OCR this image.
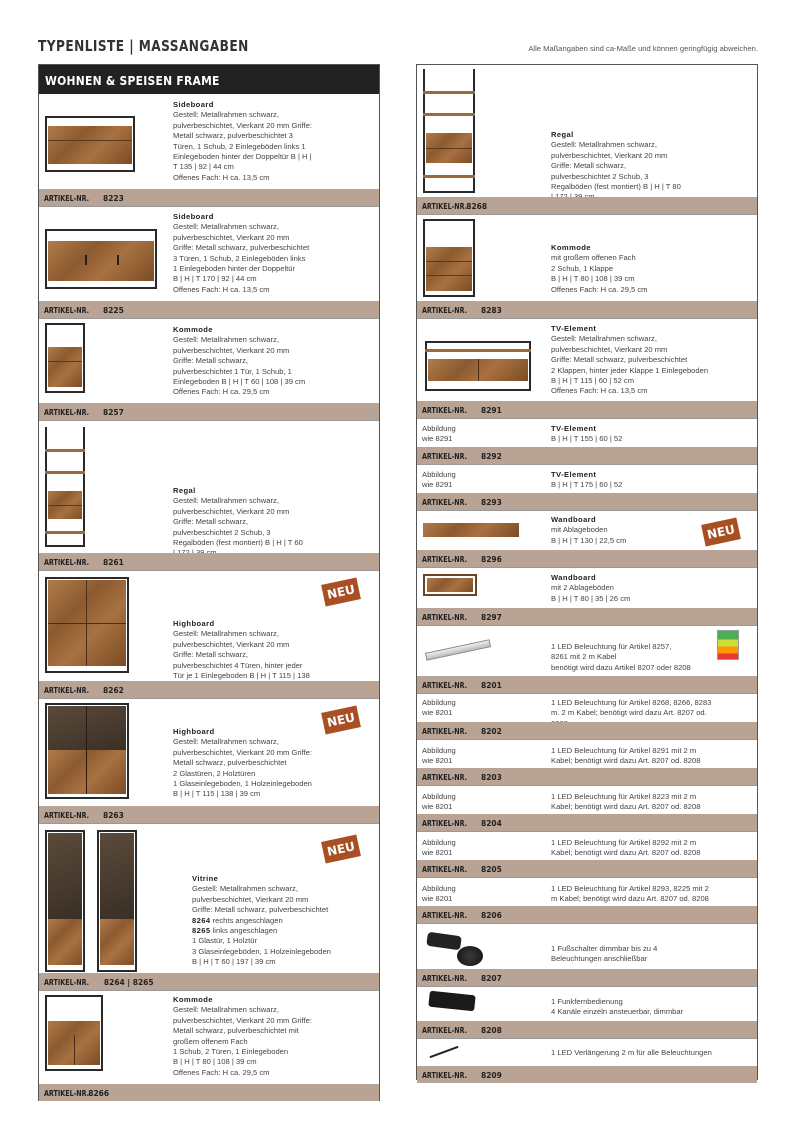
TYPENLISTE | MASSANGABEN	Alle Maßangaben sind ca-Maße und können geringfügig abweichen.
WOHNEN & SPEISEN FRAME
Sideboard
Gestell: Metallrahmen schwarz,
pulverbeschichtet, Vierkant 20 mm Griffe:
Metall schwarz, pulverbeschichtet 3
Türen, 1 Schub, 2 Einlegeböden links 1
Einlegeboden hinter der Doppeltür B | H |
T 135 | 92 | 44 cm
Offenes Fach: H ca. 13,5 cm
ARTIKEL-NR. 8223
Sideboard
Gestell: Metallrahmen schwarz,
pulverbeschichtet, Vierkant 20 mm
Griffe: Metall schwarz, pulverbeschichtet
3 Türen, 1 Schub, 2 Einlegeböden links
1 Einlegeboden hinter der Doppeltür
B | H | T 170 | 92 | 44 cm
Offenes Fach: H ca. 13,5 cm
ARTIKEL-NR. 8225
Kommode
Gestell: Metallrahmen schwarz,
pulverbeschichtet, Vierkant 20 mm
Griffe: Metall schwarz,
pulverbeschichtet 1 Tür, 1 Schub, 1
Einlegeboden B | H | T 60 | 108 | 39 cm
Offenes Fach: H ca. 29,5 cm
ARTIKEL-NR. 8257
Regal
Gestell: Metallrahmen schwarz,
pulverbeschichtet, Vierkant 20 mm
Griffe: Metall schwarz,
pulverbeschichtet 2 Schub, 3
Regalböden (fest montiert) B | H | T 60
ARTIKEL-NR. 8261
NEU
Highboard
Gestell: Metallrahmen schwarz,
pulverbeschichtet, Vierkant 20 mm
Griffe: Metall schwarz,
pulverbeschichtet 4 Türen, hinter jeder
Tür je 1 Einlegeboden B | H | T 115 | 138
ARTIKEL-NR. 8262
NEU
Highboard
Gestell: Metallrahmen schwarz,
pulverbeschichtet, Vierkant 20 mm Griffe:
Metall schwarz, pulverbeschichtet
2 Glastüren, 2 Holztüren
1 Glaseinlegeboden, 1 Holzeinlegeboden
B | H | T 115 | 138 | 39 cm
ARTIKEL-NR. 8263
NEU
Vitrine
Gestell: Metallrahmen schwarz,
pulverbeschichtet, Vierkant 20 mm
Griffe: Metall schwarz, pulverbeschichtet
8264 rechts angeschlagen
8265 links angeschlagen
1 Glastür, 1 Holztür
3 Glaseinlegeböden, 1 Holzeinlegeboden
B | H | T 60 | 197 | 39 cm
ARTIKEL-NR.	8264 | 8265
Kommode
Gestell: Metallrahmen schwarz,
pulverbeschichtet, Vierkant 20 mm Griffe:
Metall schwarz, pulverbeschichtet mit
großem offenem Fach
1 Schub, 2 Türen, 1 Einlegeboden
B | H | T 80 | 108 | 39 cm
Offenes Fach: H ca. 29,5 cm
ARTIKEL-NR. 8266
Regal
Gestell: Metallrahmen schwarz,
pulverbeschichtet, Vierkant 20 mm
Griffe: Metall schwarz,
pulverbeschichtet 2 Schub, 3
Regalböden (fest montiert) B | H | T 80
ARTIKEL-NR. 8268
Kommode
mit großem offenen Fach
2 Schub, 1 Klappe
B | H | T 80 | 108 | 39 cm
Offenes Fach: H ca. 29,5 cm
ARTIKEL-NR. 8283
TV-Element
Gestell: Metallrahmen schwarz,
pulverbeschichtet, Vierkant 20 mm
Griffe: Metall schwarz, pulverbeschichtet
2 Klappen, hinter jeder Klappe 1 Einlegeboden
B | H | T 115 | 60 | 52 cm
Offenes Fach: H ca. 13,5 cm
ARTIKEL-NR. 8291
Abbildung
wie 8291
TV-Element
B | H | T 155 | 60 | 52
ARTIKEL-NR. 8292
Abbildung
wie 8291
TV-Element
B | H | T 175 | 60 | 52
ARTIKEL-NR. 8293
NEU
Wandboard
mit Ablageboden
B | H | T 130 | 22,5 cm
ARTIKEL-NR. 8296
Wandboard
mit 2 Ablageböden
B | H | T 80 | 35 | 26 cm
ARTIKEL-NR. 8297
1 LED Beleuchtung für Artikel 8257,
8261 mit 2 m Kabel
benötigt wird dazu Artikel 8207 oder 8208
ARTIKEL-NR. 8201
Abbildung
wie 8201
1 LED Beleuchtung für Artikel 8268, 8266, 8283
m. 2 m Kabel; benötigt wird dazu Art. 8207 od.
ARTIKEL-NR. 8202
Abbildung
wie 8201
1 LED Beleuchtung für Artikel 8291 mit 2 m
Kabel; benötigt wird dazu Art. 8207 od. 8208
ARTIKEL-NR. 8203
Abbildung
wie 8201
1 LED Beleuchtung für Artikel 8223 mit 2 m
Kabel; benötigt wird dazu Art. 8207 od. 8208
ARTIKEL-NR. 8204
Abbildung
wie 8201
1 LED Beleuchtung für Artikel 8292 mit 2 m
Kabel; benötigt wird dazu Art. 8207 od. 8208
ARTIKEL-NR. 8205
Abbildung
wie 8201
1 LED Beleuchtung für Artikel 8293, 8225 mit 2
m Kabel; benötigt wird dazu Art. 8207 od. 8208
ARTIKEL-NR. 8206
1 Fußschalter dimmbar bis zu 4
Beleuchtungen anschließbar
ARTIKEL-NR. 8207
1 Funkfernbedienung
4 Kanäle einzeln ansteuerbar, dimmbar
ARTIKEL-NR. 8208
1 LED Verlängerung 2 m für alle Beleuchtungen
ARTIKEL-NR. 8209
